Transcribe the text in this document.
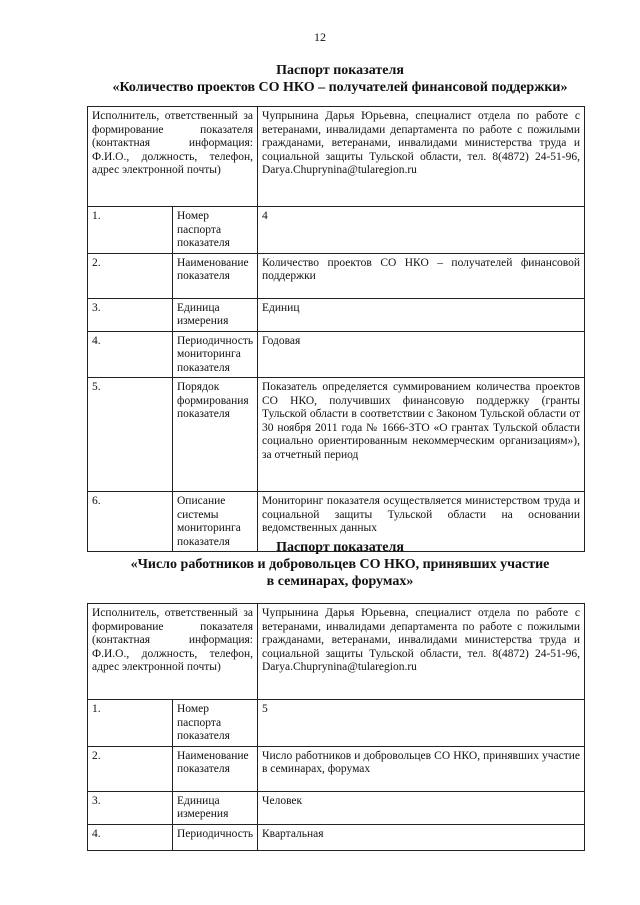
12
Паспорт показателя
«Количество проектов СО НКО – получателей финансовой поддержки»
Исполнитель, ответственный за формирование показателя (контактная информация: Ф.И.О., должность, телефон, адрес электронной почты)		Чупрынина Дарья Юрьевна, специалист отдела по работе с ветеранами, инвалидами департамента по работе с пожилыми гражданами, ветеранами, инвалидами министерства труда и социальной защиты Тульской области, тел. 8(4872) 24-51-96, Darya.Chuprynina@tularegion.ru
1.	Номер паспорта показателя	4
2.	Наименование показателя	Количество проектов СО НКО – получателей финансовой поддержки
3.	Единица измерения	Единиц
4.	Периодичность мониторинга показателя	Годовая
5.	Порядок формирования показателя	Показатель определяется суммированием количества проектов СО НКО, получивших финансовую поддержку (гранты Тульской области в соответствии с Законом Тульской области от 30 ноября 2011 года № 1666-ЗТО «О грантах Тульской области социально ориентированным некоммерческим организациям»), за отчетный период
6.	Описание системы мониторинга показателя	Мониторинг показателя осуществляется министерством труда и социальной защиты Тульской области на основании ведомственных данных
Паспорт показателя
«Число работников и добровольцев СО НКО, принявших участие
в семинарах, форумах»
Исполнитель, ответственный за формирование показателя (контактная информация: Ф.И.О., должность, телефон, адрес электронной почты)		Чупрынина Дарья Юрьевна, специалист отдела по работе с ветеранами, инвалидами департамента по работе с пожилыми гражданами, ветеранами, инвалидами министерства труда и социальной защиты Тульской области, тел. 8(4872) 24-51-96, Darya.Chuprynina@tularegion.ru
1.	Номер паспорта показателя	5
2.	Наименование показателя	Число работников и добровольцев СО НКО, принявших участие в семинарах, форумах
3.	Единица измерения	Человек
4.	Периодичность	Квартальная
